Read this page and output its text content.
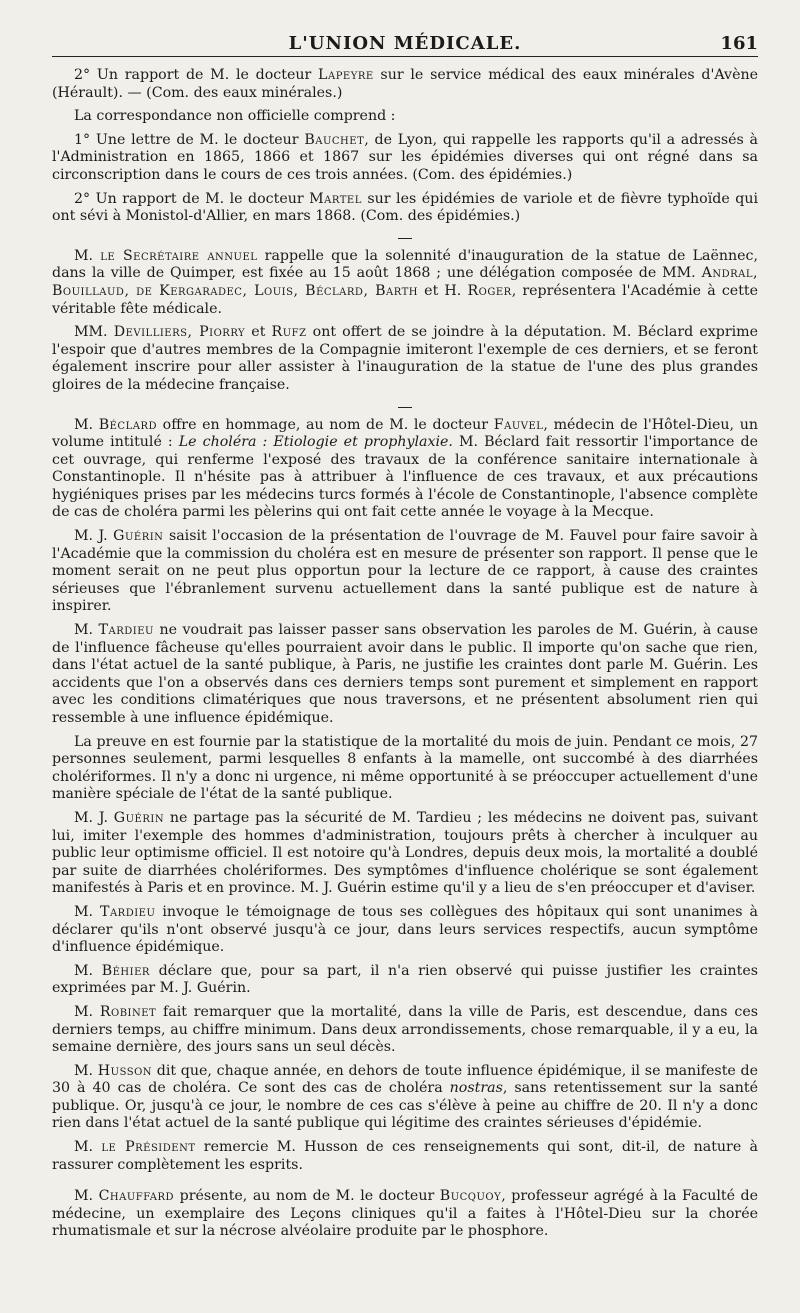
L'UNION MÉDICALE.	161

2° Un rapport de M. le docteur Lapeyre sur le service médical des eaux minérales d'Avène (Hérault). — (Com. des eaux minérales.)

La correspondance non officielle comprend :

1° Une lettre de M. le docteur Bauchet, de Lyon, qui rappelle les rapports qu'il a adressés à l'Administration en 1865, 1866 et 1867 sur les épidémies diverses qui ont régné dans sa circonscription dans le cours de ces trois années. (Com. des épidémies.)

2° Un rapport de M. le docteur Martel sur les épidémies de variole et de fièvre typhoïde qui ont sévi à Monistol-d'Allier, en mars 1868. (Com. des épidémies.)

M. le Secrétaire annuel rappelle que la solennité d'inauguration de la statue de Laënnec, dans la ville de Quimper, est fixée au 15 août 1868 ; une délégation composée de MM. Andral, Bouillaud, de Kergaradec, Louis, Béclard, Barth et H. Roger, représentera l'Académie à cette véritable fête médicale.

MM. Devilliers, Piorry et Rufz ont offert de se joindre à la députation. M. Béclard exprime l'espoir que d'autres membres de la Compagnie imiteront l'exemple de ces derniers, et se feront également inscrire pour aller assister à l'inauguration de la statue de l'une des plus grandes gloires de la médecine française.

M. Béclard offre en hommage, au nom de M. le docteur Fauvel, médecin de l'Hôtel-Dieu, un volume intitulé : Le choléra : Etiologie et prophylaxie. M. Béclard fait ressortir l'importance de cet ouvrage, qui renferme l'exposé des travaux de la conférence sanitaire internationale à Constantinople. Il n'hésite pas à attribuer à l'influence de ces travaux, et aux précautions hygiéniques prises par les médecins turcs formés à l'école de Constantinople, l'absence complète de cas de choléra parmi les pèlerins qui ont fait cette année le voyage à la Mecque.

M. J. Guérin saisit l'occasion de la présentation de l'ouvrage de M. Fauvel pour faire savoir à l'Académie que la commission du choléra est en mesure de présenter son rapport. Il pense que le moment serait on ne peut plus opportun pour la lecture de ce rapport, à cause des craintes sérieuses que l'ébranlement survenu actuellement dans la santé publique est de nature à inspirer.

M. Tardieu ne voudrait pas laisser passer sans observation les paroles de M. Guérin, à cause de l'influence fâcheuse qu'elles pourraient avoir dans le public. Il importe qu'on sache que rien, dans l'état actuel de la santé publique, à Paris, ne justifie les craintes dont parle M. Guérin. Les accidents que l'on a observés dans ces derniers temps sont purement et simplement en rapport avec les conditions climatériques que nous traversons, et ne présentent absolument rien qui ressemble à une influence épidémique.

La preuve en est fournie par la statistique de la mortalité du mois de juin. Pendant ce mois, 27 personnes seulement, parmi lesquelles 8 enfants à la mamelle, ont succombé à des diarrhées cholériformes. Il n'y a donc ni urgence, ni même opportunité à se préoccuper actuellement d'une manière spéciale de l'état de la santé publique.

M. J. Guérin ne partage pas la sécurité de M. Tardieu ; les médecins ne doivent pas, suivant lui, imiter l'exemple des hommes d'administration, toujours prêts à chercher à inculquer au public leur optimisme officiel. Il est notoire qu'à Londres, depuis deux mois, la mortalité a doublé par suite de diarrhées cholériformes. Des symptômes d'influence cholérique se sont également manifestés à Paris et en province. M. J. Guérin estime qu'il y a lieu de s'en préoccuper et d'aviser.

M. Tardieu invoque le témoignage de tous ses collègues des hôpitaux qui sont unanimes à déclarer qu'ils n'ont observé jusqu'à ce jour, dans leurs services respectifs, aucun symptôme d'influence épidémique.

M. Béhier déclare que, pour sa part, il n'a rien observé qui puisse justifier les craintes exprimées par M. J. Guérin.

M. Robinet fait remarquer que la mortalité, dans la ville de Paris, est descendue, dans ces derniers temps, au chiffre minimum. Dans deux arrondissements, chose remarquable, il y a eu, la semaine dernière, des jours sans un seul décès.

M. Husson dit que, chaque année, en dehors de toute influence épidémique, il se manifeste de 30 à 40 cas de choléra. Ce sont des cas de choléra nostras, sans retentissement sur la santé publique. Or, jusqu'à ce jour, le nombre de ces cas s'élève à peine au chiffre de 20. Il n'y a donc rien dans l'état actuel de la santé publique qui légitime des craintes sérieuses d'épidémie.

M. le Président remercie M. Husson de ces renseignements qui sont, dit-il, de nature à rassurer complètement les esprits.

M. Chauffard présente, au nom de M. le docteur Bucquoy, professeur agrégé à la Faculté de médecine, un exemplaire des Leçons cliniques qu'il a faites à l'Hôtel-Dieu sur la chorée rhumatismale et sur la nécrose alvéolaire produite par le phosphore.
